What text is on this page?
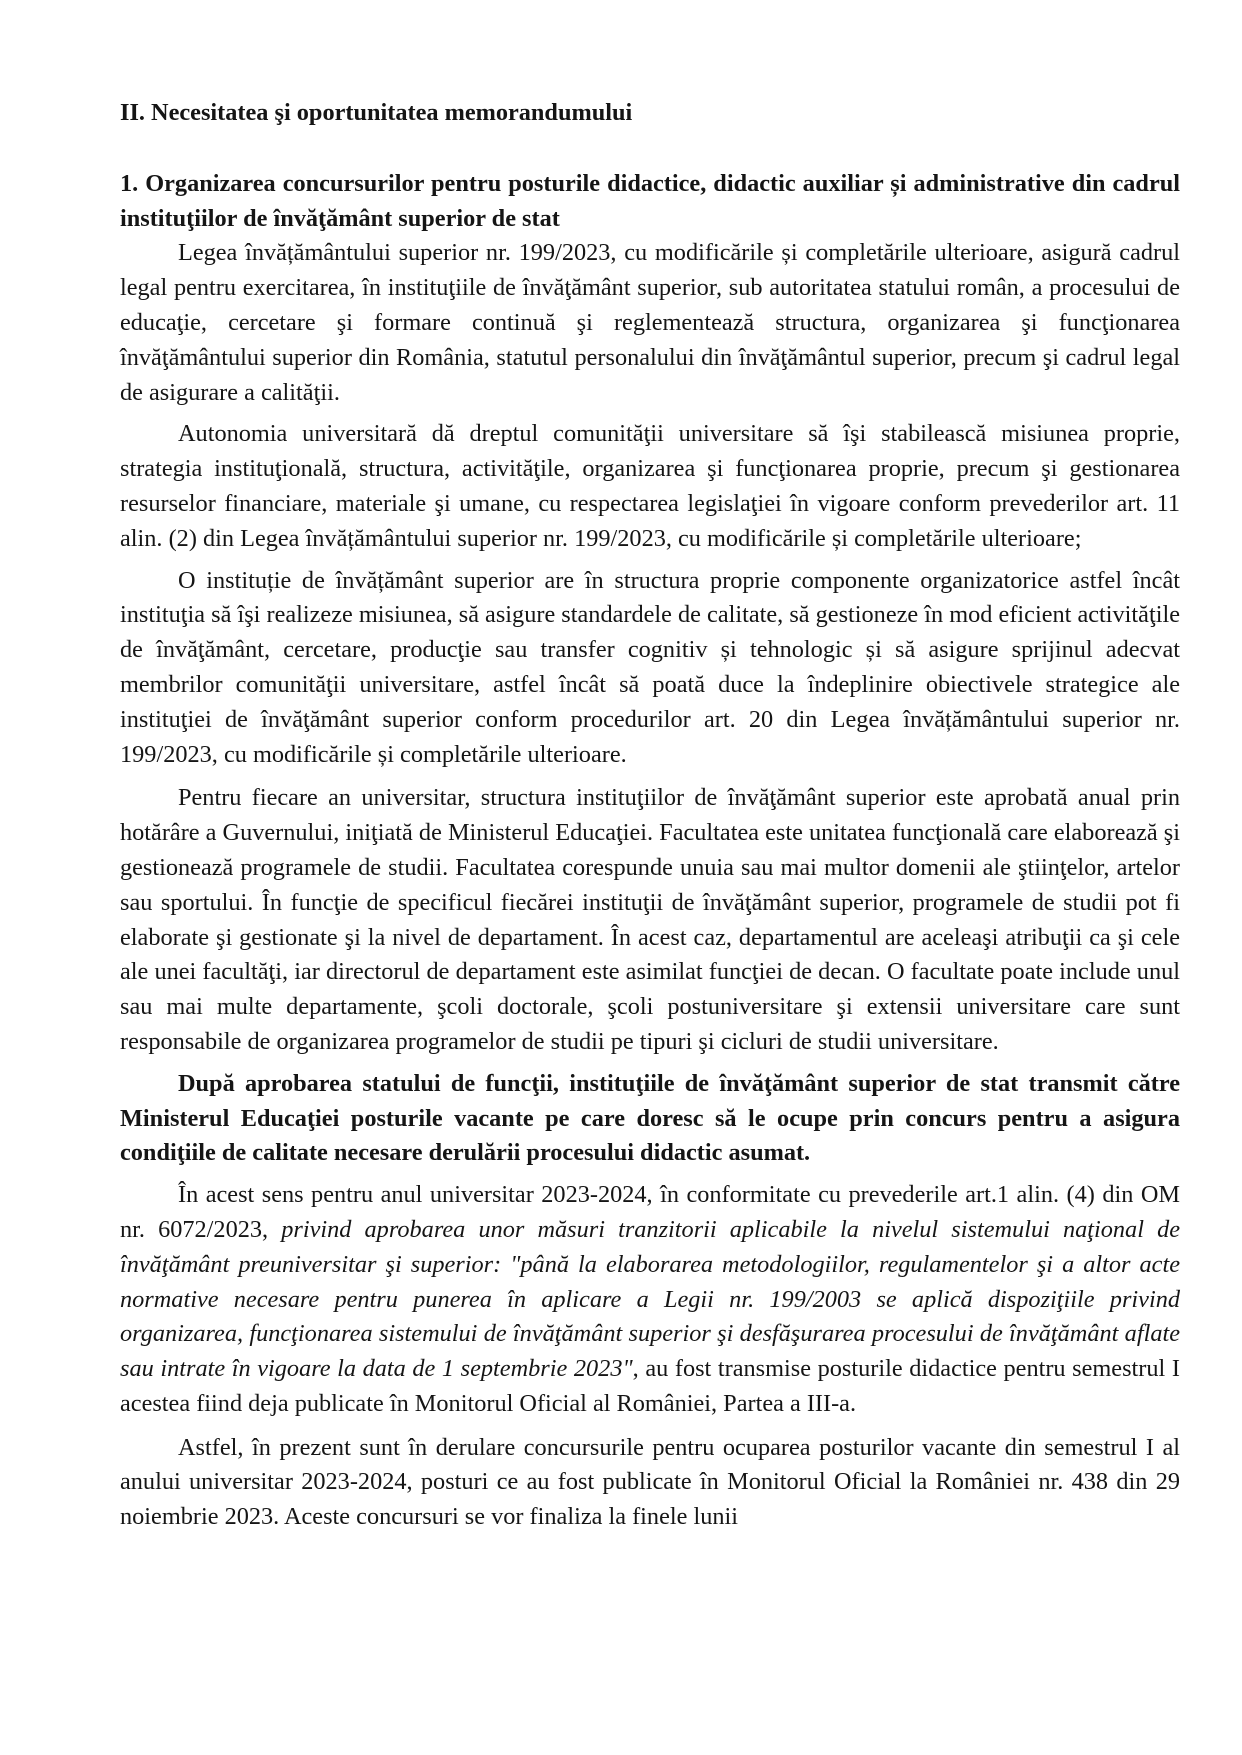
II. Necesitatea şi oportunitatea memorandumului

1. Organizarea concursurilor pentru posturile didactice, didactic auxiliar și administrative din cadrul instituţiilor de învăţământ superior de stat

Legea învățământului superior nr. 199/2023, cu modificările și completările ulterioare, asigură cadrul legal pentru exercitarea, în instituţiile de învăţământ superior, sub autoritatea statului român, a procesului de educaţie, cercetare şi formare continuă şi reglementează structura, organizarea şi funcţionarea învăţământului superior din România, statutul personalului din învăţământul superior, precum şi cadrul legal de asigurare a calităţii.

Autonomia universitară dă dreptul comunităţii universitare să îşi stabilească misiunea proprie, strategia instituţională, structura, activităţile, organizarea şi funcţionarea proprie, precum şi gestionarea resurselor financiare, materiale şi umane, cu respectarea legislaţiei în vigoare conform prevederilor art. 11 alin. (2) din Legea învățământului superior nr. 199/2023, cu modificările și completările ulterioare;

O instituție de învățământ superior are în structura proprie componente organizatorice astfel încât instituţia să îşi realizeze misiunea, să asigure standardele de calitate, să gestioneze în mod eficient activităţile de învăţământ, cercetare, producţie sau transfer cognitiv și tehnologic și să asigure sprijinul adecvat membrilor comunităţii universitare, astfel încât să poată duce la îndeplinire obiectivele strategice ale instituţiei de învăţământ superior conform procedurilor art. 20 din Legea învățământului superior nr. 199/2023, cu modificările și completările ulterioare.

Pentru fiecare an universitar, structura instituţiilor de învăţământ superior este aprobată anual prin hotărâre a Guvernului, iniţiată de Ministerul Educaţiei. Facultatea este unitatea funcţională care elaborează şi gestionează programele de studii. Facultatea corespunde unuia sau mai multor domenii ale ştiinţelor, artelor sau sportului. În funcţie de specificul fiecărei instituţii de învăţământ superior, programele de studii pot fi elaborate şi gestionate şi la nivel de departament. În acest caz, departamentul are aceleaşi atribuţii ca şi cele ale unei facultăţi, iar directorul de departament este asimilat funcţiei de decan. O facultate poate include unul sau mai multe departamente, şcoli doctorale, şcoli postuniversitare şi extensii universitare care sunt responsabile de organizarea programelor de studii pe tipuri şi cicluri de studii universitare.

După aprobarea statului de funcţii, instituţiile de învăţământ superior de stat transmit către Ministerul Educaţiei posturile vacante pe care doresc să le ocupe prin concurs pentru a asigura condiţiile de calitate necesare derulării procesului didactic asumat.

În acest sens pentru anul universitar 2023-2024, în conformitate cu prevederile art.1 alin. (4) din OM nr. 6072/2023, privind aprobarea unor măsuri tranzitorii aplicabile la nivelul sistemului naţional de învăţământ preuniversitar şi superior: "până la elaborarea metodologiilor, regulamentelor şi a altor acte normative necesare pentru punerea în aplicare a Legii nr. 199/2003 se aplică dispoziţiile privind organizarea, funcţionarea sistemului de învăţământ superior şi desfăşurarea procesului de învăţământ aflate sau intrate în vigoare la data de 1 septembrie 2023", au fost transmise posturile didactice pentru semestrul I acestea fiind deja publicate în Monitorul Oficial al României, Partea a III-a.

Astfel, în prezent sunt în derulare concursurile pentru ocuparea posturilor vacante din semestrul I al anului universitar 2023-2024, posturi ce au fost publicate în Monitorul Oficial la României nr. 438 din 29 noiembrie 2023. Aceste concursuri se vor finaliza la finele lunii
